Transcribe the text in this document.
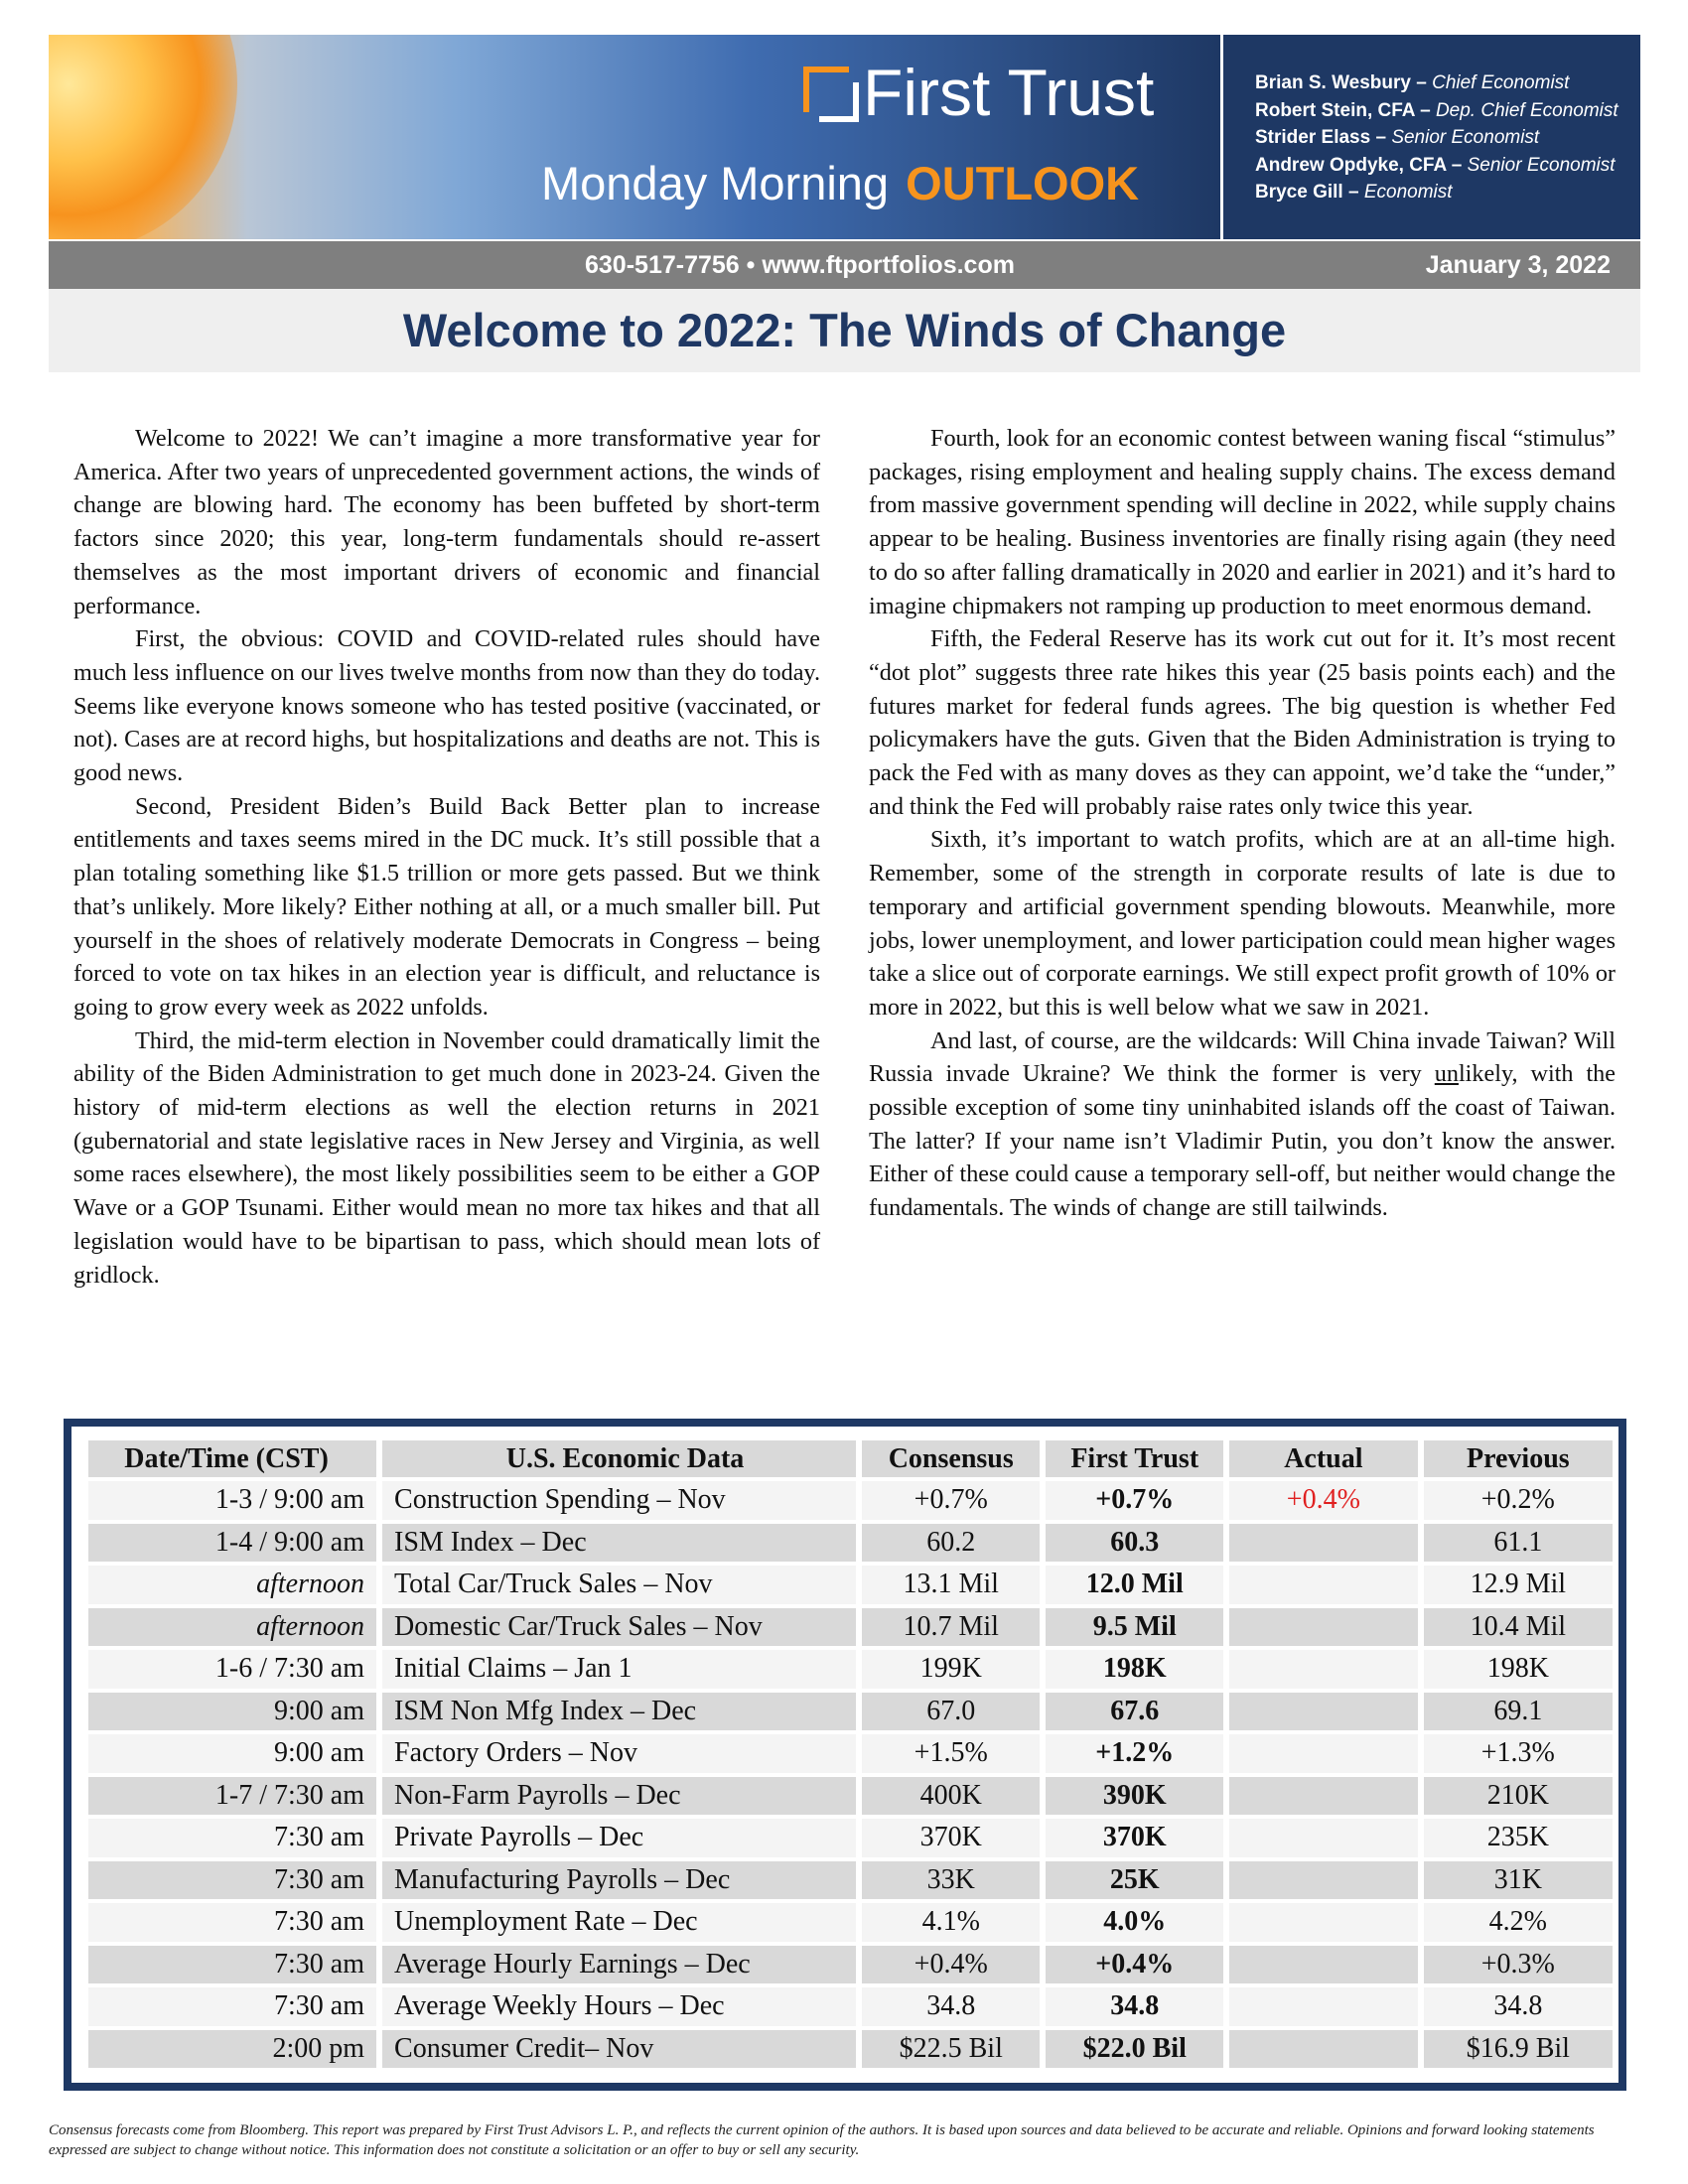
First Trust
Monday Morning OUTLOOK
Brian S. Wesbury – Chief Economist
Robert Stein, CFA – Dep. Chief Economist
Strider Elass – Senior Economist
Andrew Opdyke, CFA – Senior Economist
Bryce Gill – Economist
630-517-7756 • www.ftportfolios.com	January 3, 2022
Welcome to 2022: The Winds of Change

Welcome to 2022! We can’t imagine a more transformative year for America. After two years of unprecedented government actions, the winds of change are blowing hard. The economy has been buffeted by short-term factors since 2020; this year, long-term fundamentals should re-assert themselves as the most important drivers of economic and financial performance.

First, the obvious: COVID and COVID-related rules should have much less influence on our lives twelve months from now than they do today. Seems like everyone knows someone who has tested positive (vaccinated, or not). Cases are at record highs, but hospitalizations and deaths are not. This is good news.

Second, President Biden’s Build Back Better plan to increase entitlements and taxes seems mired in the DC muck. It’s still possible that a plan totaling something like $1.5 trillion or more gets passed. But we think that’s unlikely. More likely? Either nothing at all, or a much smaller bill. Put yourself in the shoes of relatively moderate Democrats in Congress – being forced to vote on tax hikes in an election year is difficult, and reluctance is going to grow every week as 2022 unfolds.

Third, the mid-term election in November could dramatically limit the ability of the Biden Administration to get much done in 2023-24. Given the history of mid-term elections as well the election returns in 2021 (gubernatorial and state legislative races in New Jersey and Virginia, as well some races elsewhere), the most likely possibilities seem to be either a GOP Wave or a GOP Tsunami. Either would mean no more tax hikes and that all legislation would have to be bipartisan to pass, which should mean lots of gridlock.

Fourth, look for an economic contest between waning fiscal “stimulus” packages, rising employment and healing supply chains. The excess demand from massive government spending will decline in 2022, while supply chains appear to be healing. Business inventories are finally rising again (they need to do so after falling dramatically in 2020 and earlier in 2021) and it’s hard to imagine chipmakers not ramping up production to meet enormous demand.

Fifth, the Federal Reserve has its work cut out for it. It’s most recent “dot plot” suggests three rate hikes this year (25 basis points each) and the futures market for federal funds agrees. The big question is whether Fed policymakers have the guts. Given that the Biden Administration is trying to pack the Fed with as many doves as they can appoint, we’d take the “under,” and think the Fed will probably raise rates only twice this year.

Sixth, it’s important to watch profits, which are at an all-time high. Remember, some of the strength in corporate results of late is due to temporary and artificial government spending blowouts. Meanwhile, more jobs, lower unemployment, and lower participation could mean higher wages take a slice out of corporate earnings. We still expect profit growth of 10% or more in 2022, but this is well below what we saw in 2021.

And last, of course, are the wildcards: Will China invade Taiwan? Will Russia invade Ukraine? We think the former is very unlikely, with the possible exception of some tiny uninhabited islands off the coast of Taiwan. The latter? If your name isn’t Vladimir Putin, you don’t know the answer. Either of these could cause a temporary sell-off, but neither would change the fundamentals. The winds of change are still tailwinds.

Date/Time (CST)	U.S. Economic Data	Consensus	First Trust	Actual	Previous
1-3 / 9:00 am	Construction Spending – Nov	+0.7%	+0.7%	+0.4%	+0.2%
1-4 / 9:00 am	ISM Index – Dec	60.2	60.3		61.1
afternoon	Total Car/Truck Sales – Nov	13.1 Mil	12.0 Mil		12.9 Mil
afternoon	Domestic Car/Truck Sales – Nov	10.7 Mil	9.5 Mil		10.4 Mil
1-6 / 7:30 am	Initial Claims – Jan 1	199K	198K		198K
9:00 am	ISM Non Mfg Index – Dec	67.0	67.6		69.1
9:00 am	Factory Orders – Nov	+1.5%	+1.2%		+1.3%
1-7 / 7:30 am	Non-Farm Payrolls – Dec	400K	390K		210K
7:30 am	Private Payrolls – Dec	370K	370K		235K
7:30 am	Manufacturing Payrolls – Dec	33K	25K		31K
7:30 am	Unemployment Rate – Dec	4.1%	4.0%		4.2%
7:30 am	Average Hourly Earnings – Dec	+0.4%	+0.4%		+0.3%
7:30 am	Average Weekly Hours – Dec	34.8	34.8		34.8
2:00 pm	Consumer Credit– Nov	$22.5 Bil	$22.0 Bil		$16.9 Bil
Consensus forecasts come from Bloomberg. This report was prepared by First Trust Advisors L. P., and reflects the current opinion of the authors. It is based upon sources and data believed to be accurate and reliable. Opinions and forward looking statements expressed are subject to change without notice. This information does not constitute a solicitation or an offer to buy or sell any security.
